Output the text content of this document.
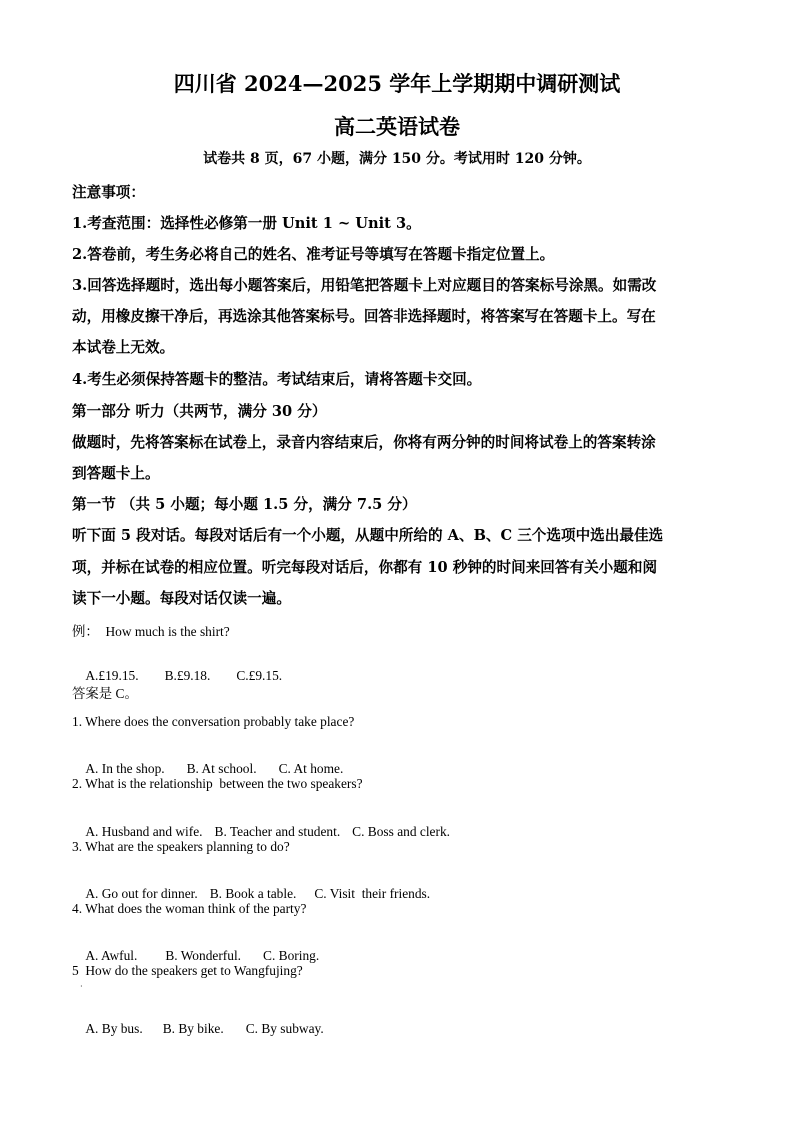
四川省 2024—2025 学年上学期期中调研测试
高二英语试卷
试卷共 8 页，67 小题，满分 150 分。考试用时 120 分钟。
注意事项：
1.考查范围：选择性必修第一册 Unit 1 ~ Unit 3。
2.答卷前，考生务必将自己的姓名、准考证号等填写在答题卡指定位置上。
3.回答选择题时，选出每小题答案后，用铅笔把答题卡上对应题目的答案标号涂黑。如需改
动，用橡皮擦干净后，再选涂其他答案标号。回答非选择题时，将答案写在答题卡上。写在
本试卷上无效。
4.考生必须保持答题卡的整洁。考试结束后，请将答题卡交回。
第一部分 听力（共两节，满分 30 分）
做题时，先将答案标在试卷上，录音内容结束后，你将有两分钟的时间将试卷上的答案转涂
到答题卡上。
第一节 （共 5 小题；每小题 1.5 分，满分 7.5 分）
听下面 5 段对话。每段对话后有一个小题，从题中所给的 A、B、C 三个选项中选出最佳选
项，并标在试卷的相应位置。听完每段对话后，你都有 10 秒钟的时间来回答有关小题和阅
读下一小题。每段对话仅读一遍。
例：  How much is the shirt?

A.£19.15. B.£9.18. C.£9.15.

答案是 C。
1. Where does the conversation probably take place?

A. In the shop. B. At school. C. At home.

2. What is the relationship  between the two speakers?

A. Husband and wife. B. Teacher and student. C. Boss and clerk.

3. What are the speakers planning to do?

A. Go out for dinner. B. Book a table. C. Visit  their friends.

4. What does the woman think of the party?

A. Awful. B. Wonderful. C. Boring.

5  How do the speakers get to Wangfujing?
·

A. By bus. B. By bike. C. By subway.
